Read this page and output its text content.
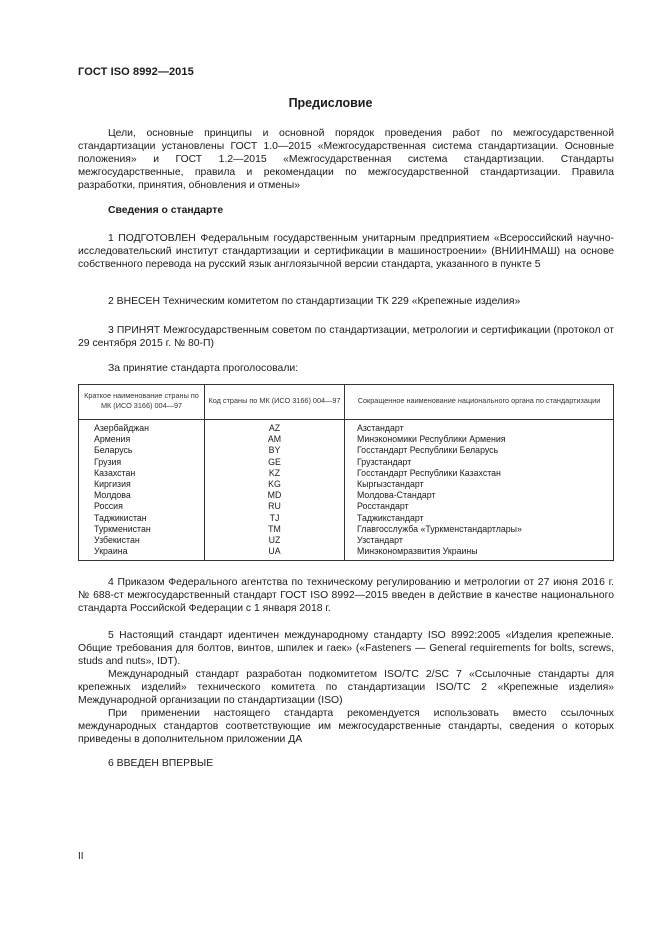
ГОСТ ISO 8992—2015
Предисловие
Цели, основные принципы и основной порядок проведения работ по межгосударственной стандартизации установлены ГОСТ 1.0—2015 «Межгосударственная система стандартизации. Основные положения» и ГОСТ 1.2—2015 «Межгосударственная система стандартизации. Стандарты межгосударственные, правила и рекомендации по межгосударственной стандартизации. Правила разработки, принятия, обновления и отмены»
Сведения о стандарте
1 ПОДГОТОВЛЕН Федеральным государственным унитарным предприятием «Всероссийский научно-исследовательский институт стандартизации и сертификации в машиностроении» (ВНИИНМАШ) на основе собственного перевода на русский язык англоязычной версии стандарта, указанного в пункте 5
2 ВНЕСЕН Техническим комитетом по стандартизации ТК 229 «Крепежные изделия»
3 ПРИНЯТ Межгосударственным советом по стандартизации, метрологии и сертификации (протокол от 29 сентября 2015 г. № 80-П)
За принятие стандарта проголосовали:
Краткое наименование страны по МК (ИСО 3166) 004—97	Код страны по МК (ИСО 3166) 004—97	Сокращенное наименование национального органа по стандартизации
Азербайджан	AZ	Азстандарт
Армения	AM	Минэкономики Республики Армения
Беларусь	BY	Госстандарт Республики Беларусь
Грузия	GE	Грузстандарт
Казахстан	KZ	Госстандарт Республики Казахстан
Киргизия	KG	Кыргызстандарт
Молдова	MD	Молдова-Стандарт
Россия	RU	Росстандарт
Таджикистан	TJ	Таджикстандарт
Туркменистан	TM	Главгосслужба «Туркменстандартлары»
Узбекистан	UZ	Узстандарт
Украина	UA	Минэкономразвития Украины
4 Приказом Федерального агентства по техническому регулированию и метрологии от 27 июня 2016 г. № 688-ст межгосударственный стандарт ГОСТ ISO 8992—2015 введен в действие в качестве национального стандарта Российской Федерации с 1 января 2018 г.
5 Настоящий стандарт идентичен международному стандарту ISO 8992:2005 «Изделия крепежные. Общие требования для болтов, винтов, шпилек и гаек» («Fasteners — General requirements for bolts, screws, studs and nuts», IDT).
Международный стандарт разработан подкомитетом ISO/TC 2/SC 7 «Ссылочные стандарты для крепежных изделий» технического комитета по стандартизации ISO/TC 2 «Крепежные изделия» Международной организации по стандартизации (ISO)
При применении настоящего стандарта рекомендуется использовать вместо ссылочных международных стандартов соответствующие им межгосударственные стандарты, сведения о которых приведены в дополнительном приложении ДА
6 ВВЕДЕН ВПЕРВЫЕ
II
